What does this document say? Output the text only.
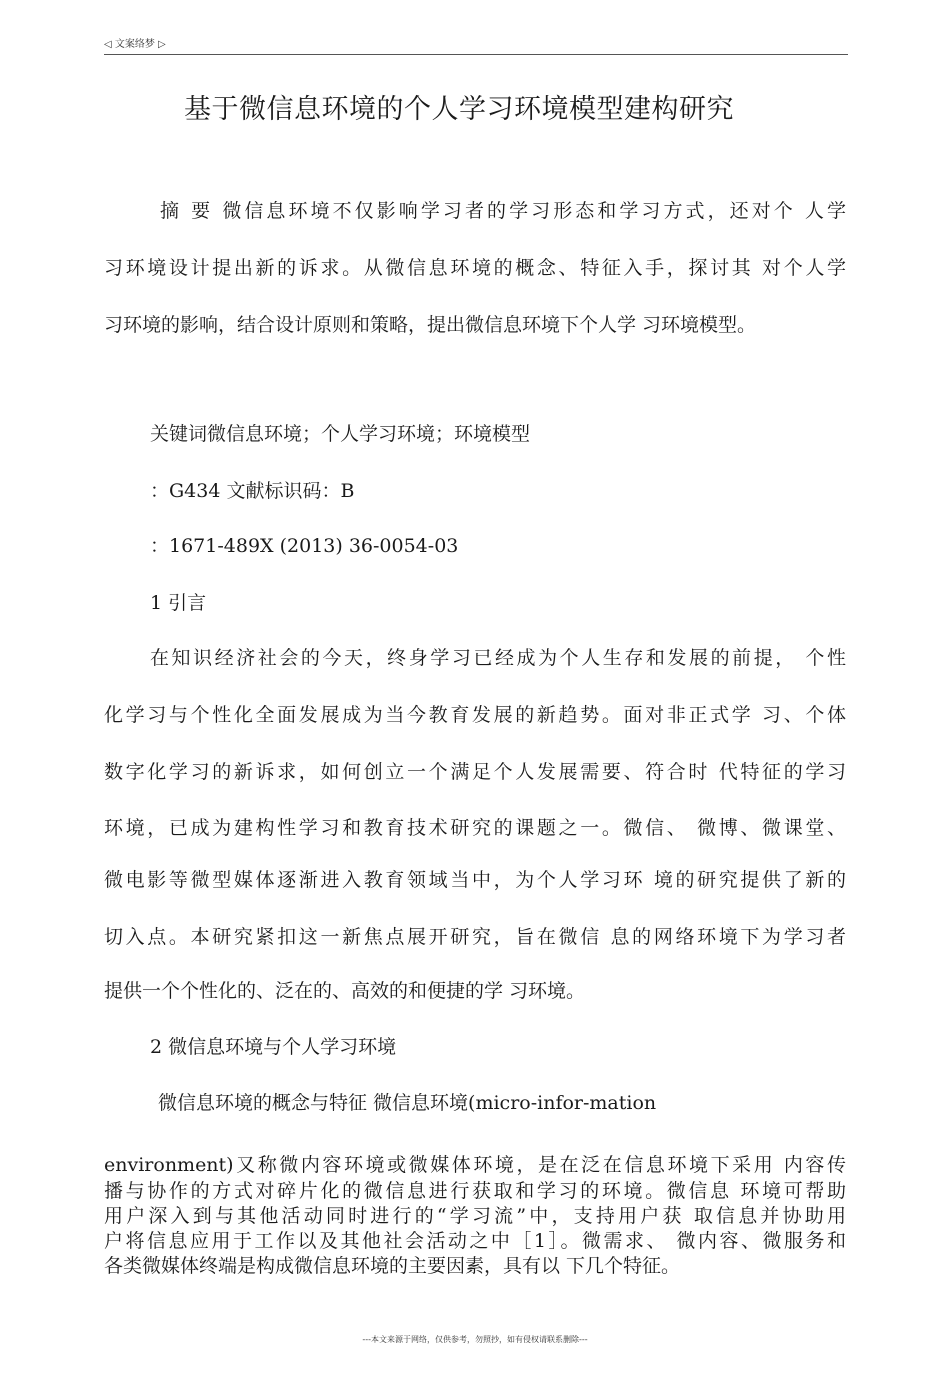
◁ 文案络梦 ▷
基于微信息环境的个人学习环境模型建构研究
摘 要 微信息环境不仅影响学习者的学习形态和学习方式，还对个 人学
习环境设计提出新的诉求。从微信息环境的概念、特征入手，探讨其 对个人学
习环境的影响，结合设计原则和策略，提出微信息环境下个人学 习环境模型。
关键词微信息环境；个人学习环境；环境模型
：G434 文献标识码：B
：1671-489X (2013) 36-0054-03
1 引言
在知识经济社会的今天，终身学习已经成为个人生存和发展的前提， 个性
化学习与个性化全面发展成为当今教育发展的新趋势。面对非正式学 习、个体
数字化学习的新诉求，如何创立一个满足个人发展需要、符合时 代特征的学习
环境，已成为建构性学习和教育技术研究的课题之一。微信、 微博、微课堂、
微电影等微型媒体逐渐进入教育领域当中，为个人学习环 境的研究提供了新的
切入点。本研究紧扣这一新焦点展开研究，旨在微信 息的网络环境下为学习者
提供一个个性化的、泛在的、高效的和便捷的学 习环境。
2 微信息环境与个人学习环境
微信息环境的概念与特征 微信息环境(micro-infor-mation
environment)又称微内容环境或微媒体环境，是在泛在信息环境下采用 内容传
播与协作的方式对碎片化的微信息进行获取和学习的环境。微信息 环境可帮助
用户深入到与其他活动同时进行的“学习流”中，支持用户获 取信息并协助用
户将信息应用于工作以及其他社会活动之中［1］。微需求、 微内容、微服务和
各类微媒体终端是构成微信息环境的主要因素，具有以 下几个特征。
---本文来源于网络，仅供参考，勿照抄，如有侵权请联系删除---
